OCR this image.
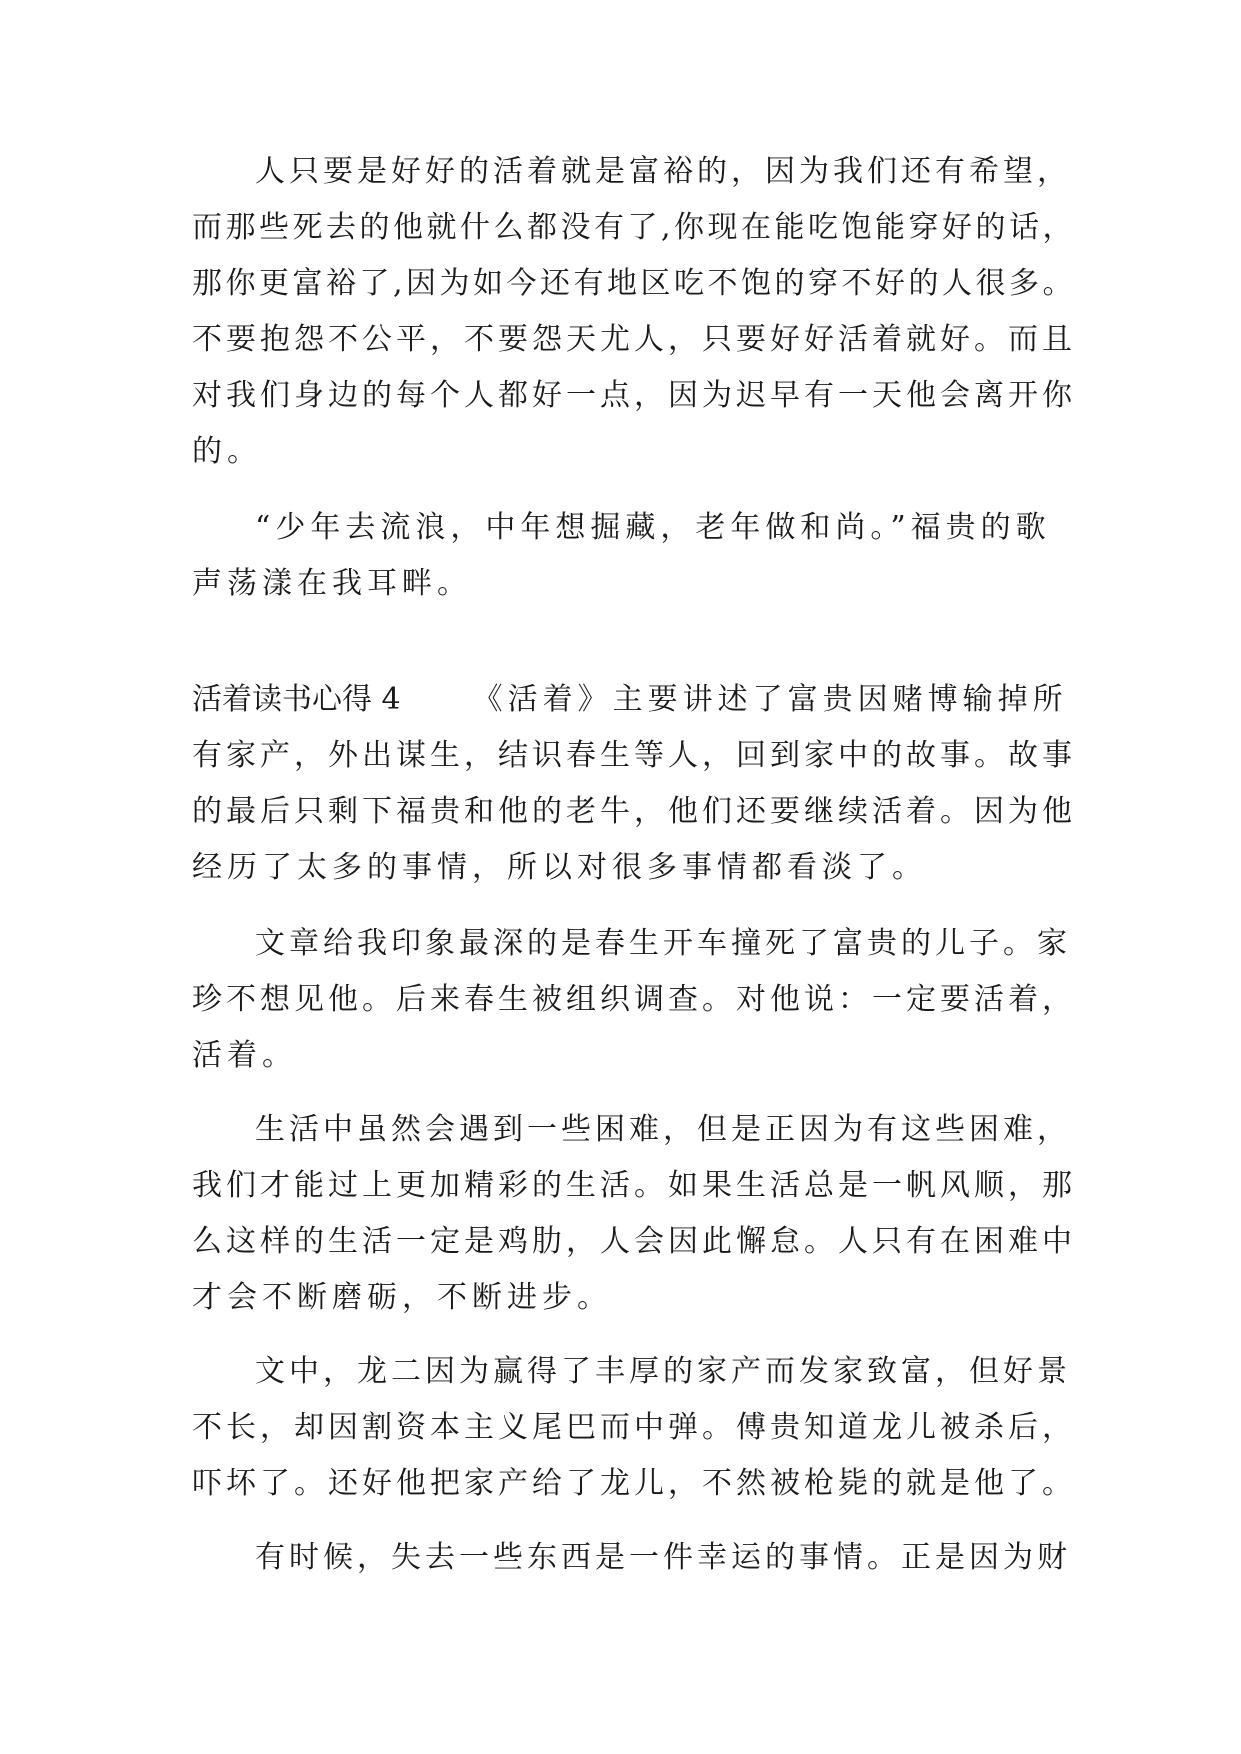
人只要是好好的活着就是富裕的，因为我们还有希望，
而那些死去的他就什么都没有了,你现在能吃饱能穿好的话，
那你更富裕了,因为如今还有地区吃不饱的穿不好的人很多。
不要抱怨不公平，不要怨天尤人，只要好好活着就好。而且
对我们身边的每个人都好一点，因为迟早有一天他会离开你
的。
“少年去流浪，中年想掘藏，老年做和尚。”福贵的歌
声荡漾在我耳畔。
活着读书心得 4 《活着》主要讲述了富贵因赌博输掉所
有家产，外出谋生，结识春生等人，回到家中的故事。故事
的最后只剩下福贵和他的老牛，他们还要继续活着。因为他
经历了太多的事情，所以对很多事情都看淡了。
文章给我印象最深的是春生开车撞死了富贵的儿子。家
珍不想见他。后来春生被组织调查。对他说：一定要活着，
活着。
生活中虽然会遇到一些困难，但是正因为有这些困难，
我们才能过上更加精彩的生活。如果生活总是一帆风顺，那
么这样的生活一定是鸡肋，人会因此懈怠。人只有在困难中
才会不断磨砺，不断进步。
文中，龙二因为赢得了丰厚的家产而发家致富，但好景
不长，却因割资本主义尾巴而中弹。傅贵知道龙儿被杀后，
吓坏了。还好他把家产给了龙儿，不然被枪毙的就是他了。
有时候，失去一些东西是一件幸运的事情。正是因为财
